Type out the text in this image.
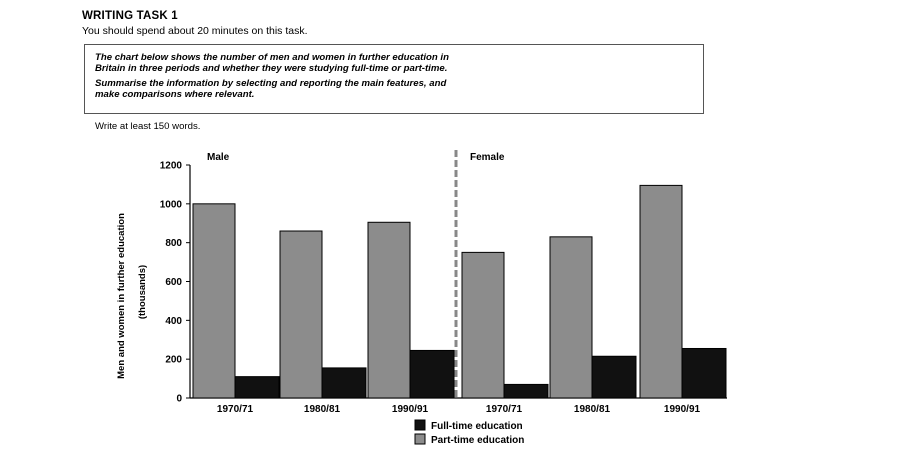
WRITING TASK 1
You should spend about 20 minutes on this task.

The chart below shows the number of men and women in further education in
Britain in three periods and whether they were studying full-time or part-time.

Summarise the information by selecting and reporting the main features, and
make comparisons where relevant.

Write at least 150 words.
0
200
400
600
800
1000
1200
Men and women in further education (thousands)
1970/71	1980/81	1990/91	1970/71	1980/81	1990/91
Male	Female
Full-time education
Part-time education
